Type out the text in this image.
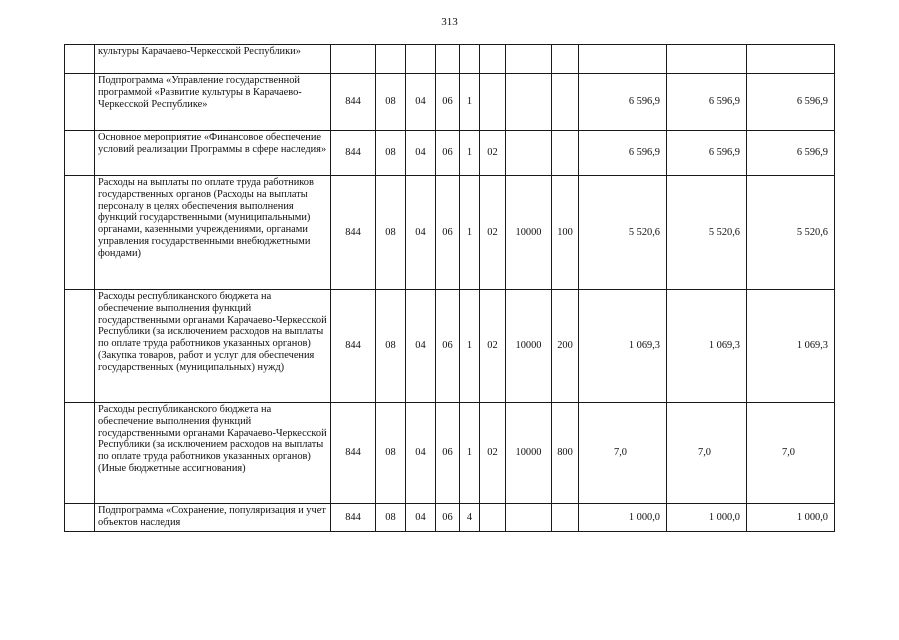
313
	культуры Карачаево-Черкесской Республики»											
	Подпрограмма «Управление государственной программой «Развитие культуры в Карачаево-Черкесской Республике»	844	08	04	06	1				6 596,9	6 596,9	6 596,9
	Основное мероприятие «Финансовое обеспечение условий реализации Программы в сфере наследия»	844	08	04	06	1	02			6 596,9	6 596,9	6 596,9
	Расходы на выплаты по оплате труда работников государственных органов (Расходы на выплаты персоналу в целях обеспечения выполнения функций государственными (муниципальными) органами, казенными учреждениями, органами управления государственными внебюджетными фондами)	844	08	04	06	1	02	10000	100	5 520,6	5 520,6	5 520,6
	Расходы республиканского бюджета на обеспечение выполнения функций государственными органами Карачаево-Черкесской Республики (за исключением расходов на выплаты по оплате труда работников указанных органов) (Закупка товаров, работ и услуг для обеспечения государственных (муниципальных) нужд)	844	08	04	06	1	02	10000	200	1 069,3	1 069,3	1 069,3
	Расходы республиканского бюджета на обеспечение выполнения функций государственными органами Карачаево-Черкесской Республики (за исключением расходов на выплаты по оплате труда работников указанных органов) (Иные бюджетные ассигнования)	844	08	04	06	1	02	10000	800	7,0	7,0	7,0
	Подпрограмма «Сохранение, популяризация и учет объектов наследия	844	08	04	06	4				1 000,0	1 000,0	1 000,0
